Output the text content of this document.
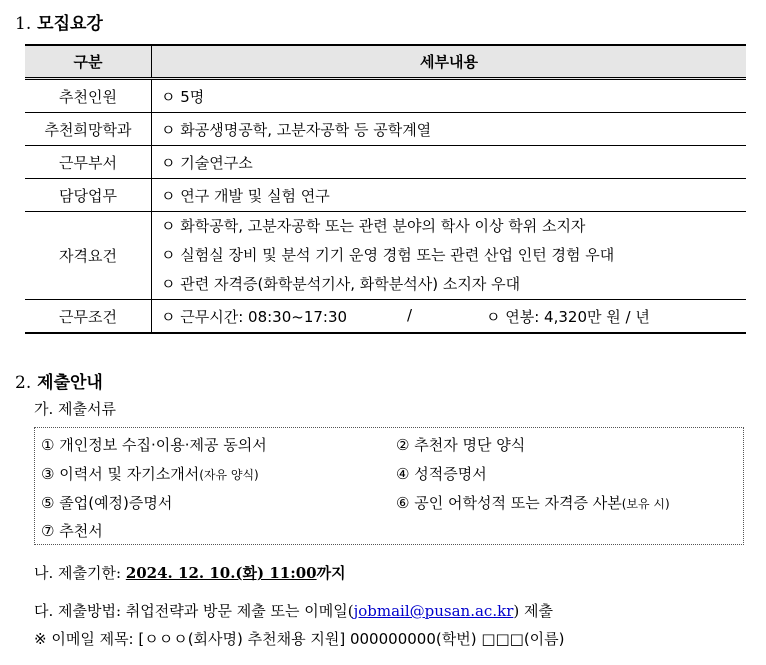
1. 모집요강
구분	세부내용
추천인원	ㅇ 5명
추천희망학과	ㅇ 화공생명공학, 고분자공학 등 공학계열
근무부서	ㅇ 기술연구소
담당업무	ㅇ 연구 개발 및 실험 연구
자격요건	ㅇ 화학공학, 고분자공학 또는 관련 분야의 학사 이상 학위 소지자
ㅇ 실험실 장비 및 분석 기기 운영 경험 또는 관련 산업 인턴 경험 우대
ㅇ 관련 자격증(화학분석기사, 화학분석사) 소지자 우대

근무조건	ㅇ 근무시간: 08:30~17:30 / ㅇ 연봉: 4,320만 원 / 년
2. 제출안내
가. 제출서류
① 개인정보 수집·이용·제공 동의서	② 추천자 명단 양식
③ 이력서 및 자기소개서(자유 양식)	④ 성적증명서
⑤ 졸업(예정)증명서	⑥ 공인 어학성적 또는 자격증 사본(보유 시)
⑦ 추천서
나. 제출기한: 2024. 12. 10.(화) 11:00까지
다. 제출방법: 취업전략과 방문 제출 또는 이메일(jobmail@pusan.ac.kr) 제출
※ 이메일 제목: [ㅇㅇㅇ(회사명) 추천채용 지원] 000000000(학번) □□□(이름)
